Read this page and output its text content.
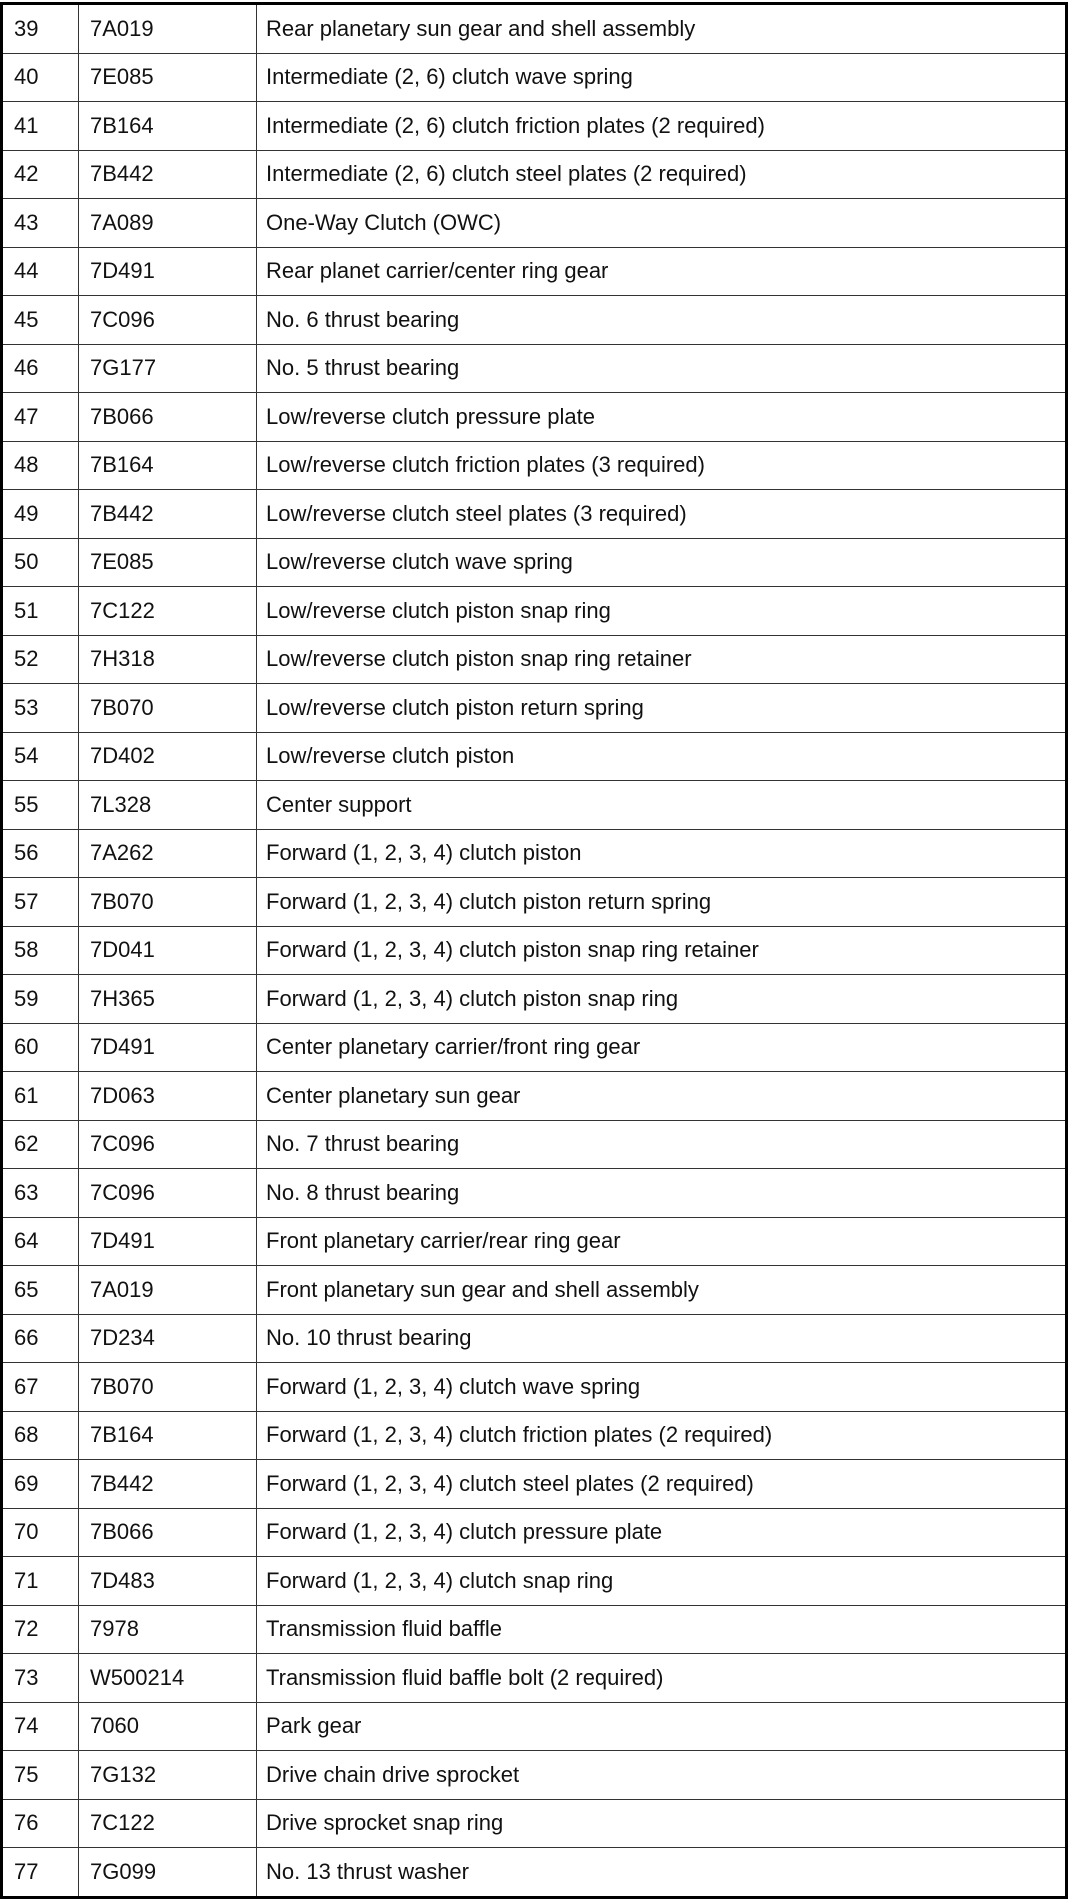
39	7A019	Rear planetary sun gear and shell assembly
40	7E085	Intermediate (2, 6) clutch wave spring
41	7B164	Intermediate (2, 6) clutch friction plates (2 required)
42	7B442	Intermediate (2, 6) clutch steel plates (2 required)
43	7A089	One-Way Clutch (OWC)
44	7D491	Rear planet carrier/center ring gear
45	7C096	No. 6 thrust bearing
46	7G177	No. 5 thrust bearing
47	7B066	Low/reverse clutch pressure plate
48	7B164	Low/reverse clutch friction plates (3 required)
49	7B442	Low/reverse clutch steel plates (3 required)
50	7E085	Low/reverse clutch wave spring
51	7C122	Low/reverse clutch piston snap ring
52	7H318	Low/reverse clutch piston snap ring retainer
53	7B070	Low/reverse clutch piston return spring
54	7D402	Low/reverse clutch piston
55	7L328	Center support
56	7A262	Forward (1, 2, 3, 4) clutch piston
57	7B070	Forward (1, 2, 3, 4) clutch piston return spring
58	7D041	Forward (1, 2, 3, 4) clutch piston snap ring retainer
59	7H365	Forward (1, 2, 3, 4) clutch piston snap ring
60	7D491	Center planetary carrier/front ring gear
61	7D063	Center planetary sun gear
62	7C096	No. 7 thrust bearing
63	7C096	No. 8 thrust bearing
64	7D491	Front planetary carrier/rear ring gear
65	7A019	Front planetary sun gear and shell assembly
66	7D234	No. 10 thrust bearing
67	7B070	Forward (1, 2, 3, 4) clutch wave spring
68	7B164	Forward (1, 2, 3, 4) clutch friction plates (2 required)
69	7B442	Forward (1, 2, 3, 4) clutch steel plates (2 required)
70	7B066	Forward (1, 2, 3, 4) clutch pressure plate
71	7D483	Forward (1, 2, 3, 4) clutch snap ring
72	7978	Transmission fluid baffle
73	W500214	Transmission fluid baffle bolt (2 required)
74	7060	Park gear
75	7G132	Drive chain drive sprocket
76	7C122	Drive sprocket snap ring
77	7G099	No. 13 thrust washer
